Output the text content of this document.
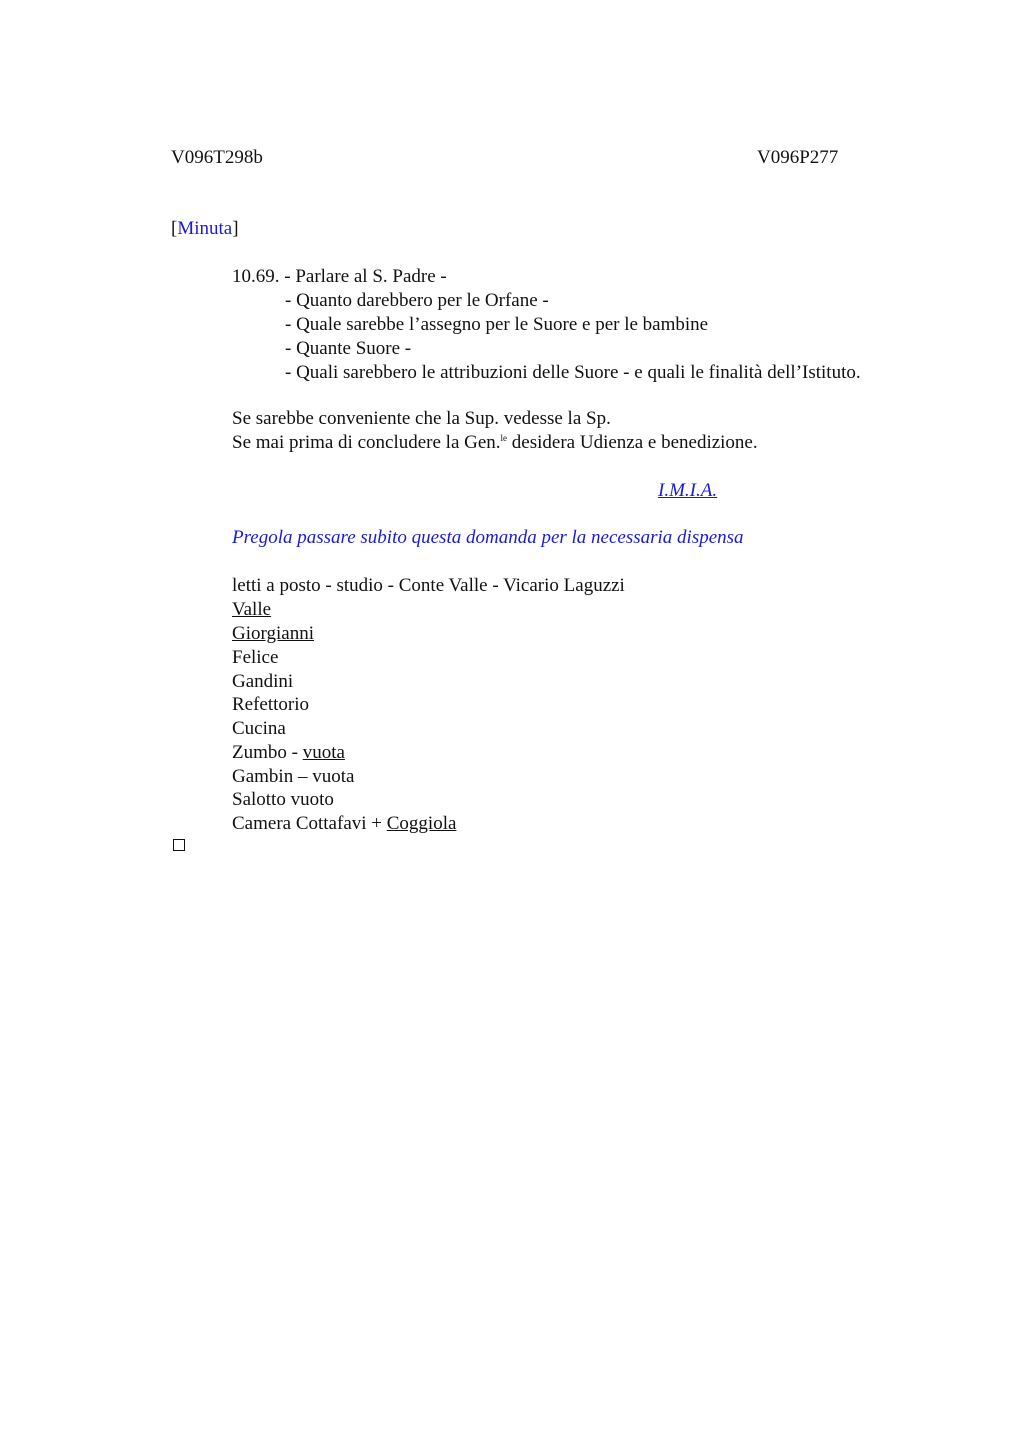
V096T298b	V096P277
[Minuta]
10.69. - Parlare al S. Padre -
- Quanto darebbero per le Orfane -
- Quale sarebbe l’assegno per le Suore e per le bambine
- Quante Suore -
- Quali sarebbero le attribuzioni delle Suore - e quali le finalità dell’Istituto.
Se sarebbe conveniente che la Sup. vedesse la Sp.
Se mai prima di concludere la Gen.$^{le}$ desidera Udienza e benedizione.
I.M.I.A.
Pregola passare subito questa domanda per la necessaria dispensa
letti a posto - studio - Conte Valle - Vicario Laguzzi
Valle
Giorgianni
Felice
Gandini
Refettorio
Cucina
Zumbo - vuota
Gambin – vuota
Salotto vuoto
Camera Cottafavi + Coggiola
